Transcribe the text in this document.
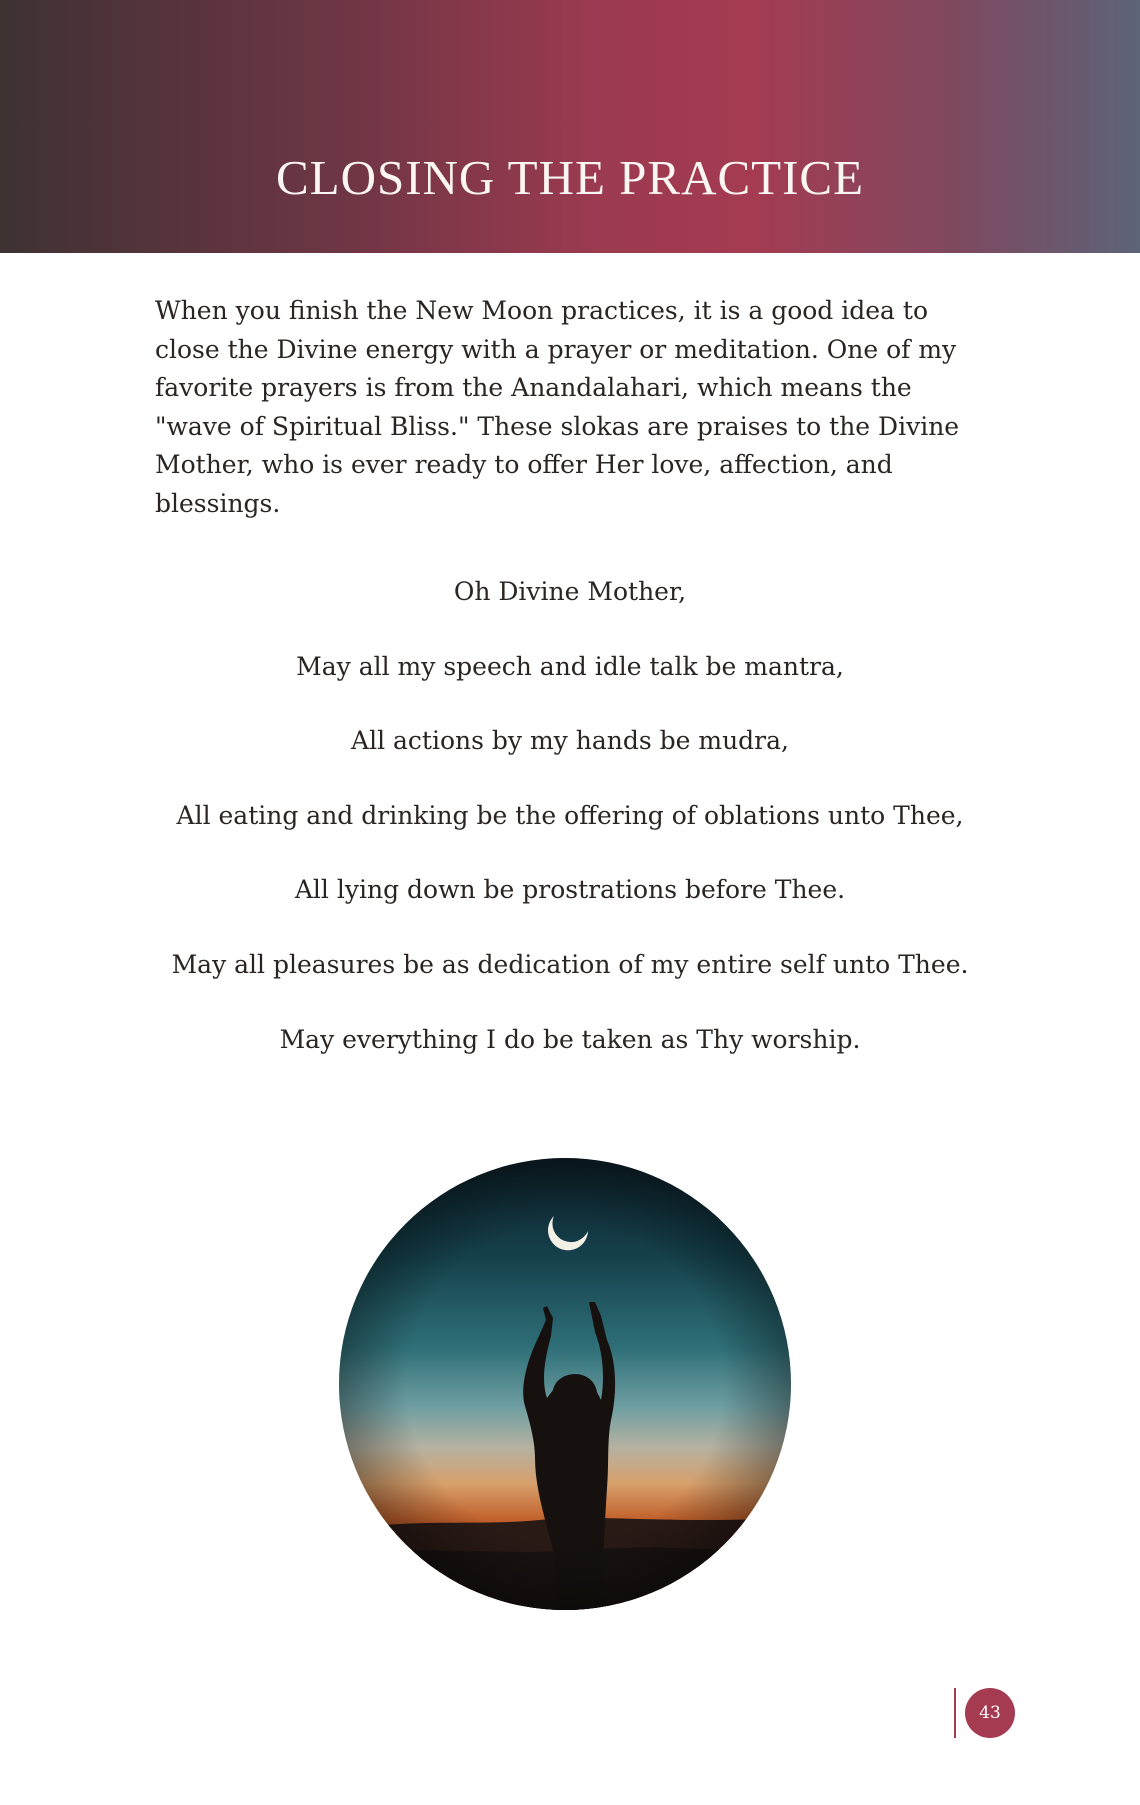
CLOSING THE PRACTICE

When you finish the New Moon practices, it is a good idea to close the Divine energy with a prayer or meditation. One of my favorite prayers is from the Anandalahari, which means the "wave of Spiritual Bliss." These slokas are praises to the Divine Mother, who is ever ready to offer Her love, affection, and blessings.

Oh Divine Mother,
May all my speech and idle talk be mantra,
All actions by my hands be mudra,
All eating and drinking be the offering of oblations unto Thee,
All lying down be prostrations before Thee.
May all pleasures be as dedication of my entire self unto Thee.
May everything I do be taken as Thy worship.
43
